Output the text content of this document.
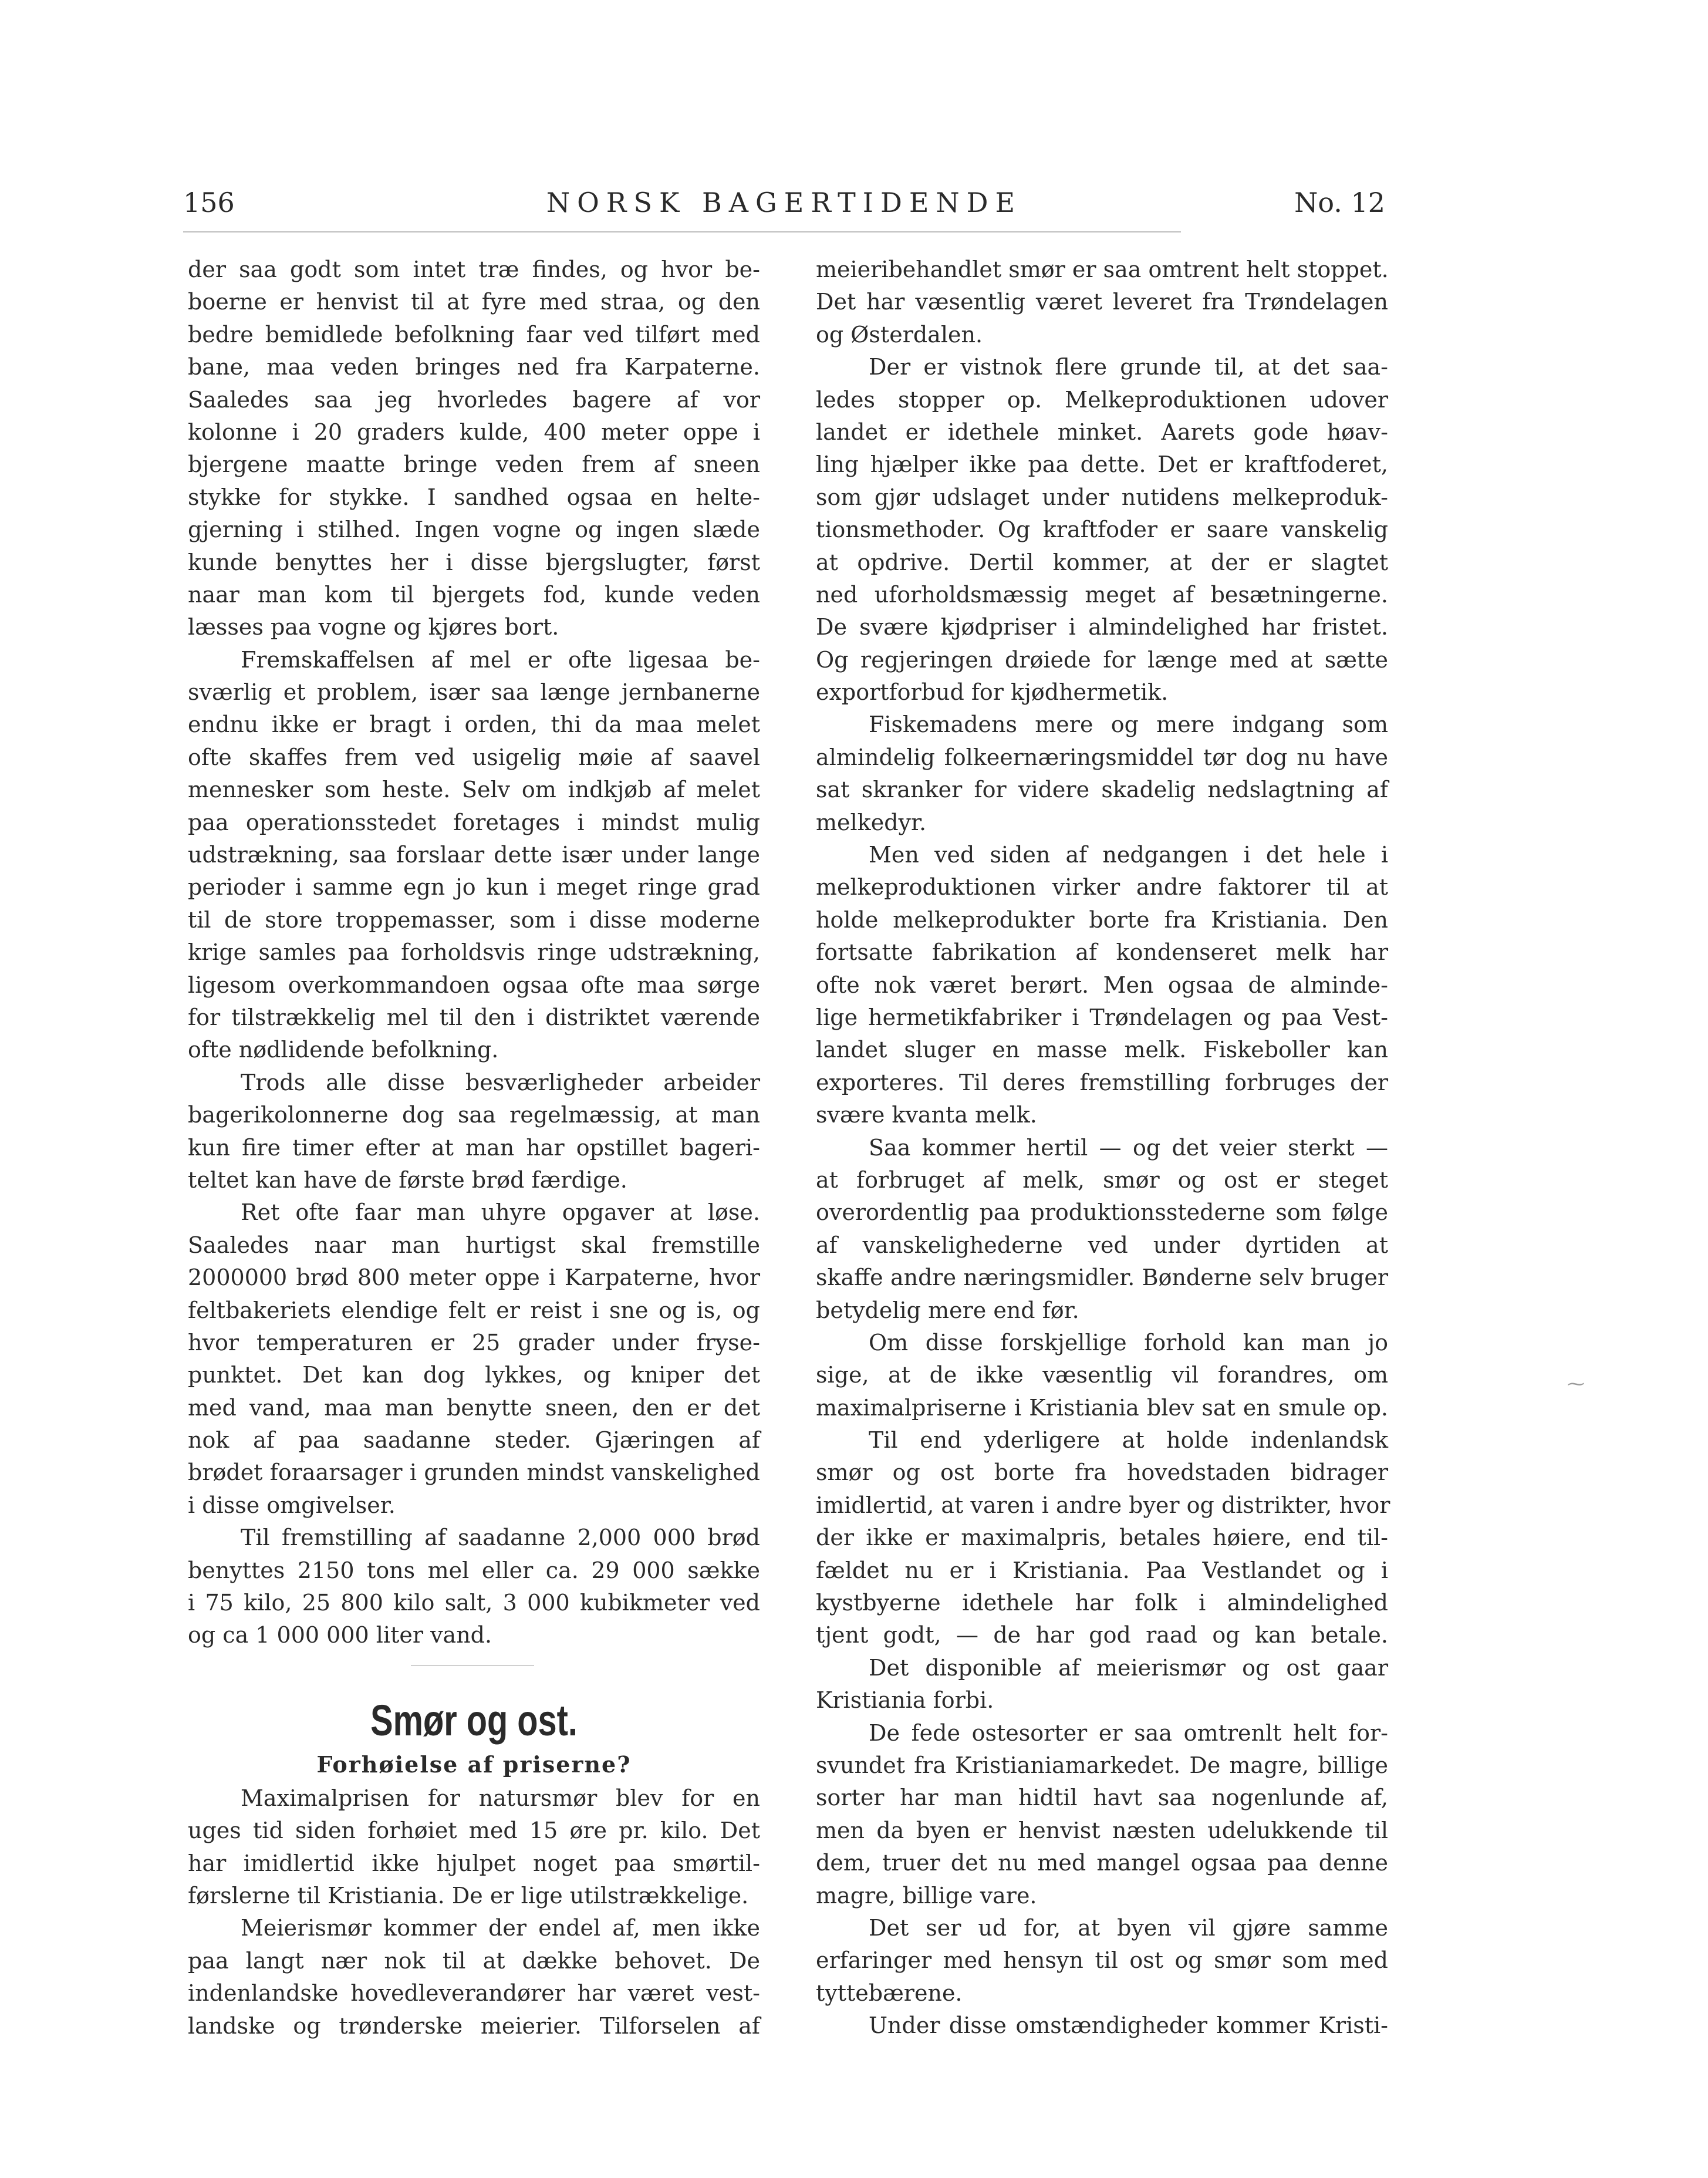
156	NORSK BAGERTIDENDE	No. 12
der saa godt som intet træ findes, og hvor be-
boerne er henvist til at fyre med straa, og den
bedre bemidlede befolkning faar ved tilført med
bane, maa veden bringes ned fra Karpaterne.
Saaledes saa jeg hvorledes bagere af vor
kolonne i 20 graders kulde, 400 meter oppe i
bjergene maatte bringe veden frem af sneen
stykke for stykke. I sandhed ogsaa en helte-
gjerning i stilhed. Ingen vogne og ingen slæde
kunde benyttes her i disse bjergslugter, først
naar man kom til bjergets fod, kunde veden
læsses paa vogne og kjøres bort.
Fremskaffelsen af mel er ofte ligesaa be-
sværlig et problem, især saa længe jernbanerne
endnu ikke er bragt i orden, thi da maa melet
ofte skaffes frem ved usigelig møie af saavel
mennesker som heste. Selv om indkjøb af melet
paa operationsstedet foretages i mindst mulig
udstrækning, saa forslaar dette især under lange
perioder i samme egn jo kun i meget ringe grad
til de store troppemasser, som i disse moderne
krige samles paa forholdsvis ringe udstrækning,
ligesom overkommandoen ogsaa ofte maa sørge
for tilstrækkelig mel til den i distriktet værende
ofte nødlidende befolkning.
Trods alle disse besværligheder arbeider
bagerikolonnerne dog saa regelmæssig, at man
kun fire timer efter at man har opstillet bageri-
teltet kan have de første brød færdige.
Ret ofte faar man uhyre opgaver at løse.
Saaledes naar man hurtigst skal fremstille
2000000 brød 800 meter oppe i Karpaterne, hvor
feltbakeriets elendige felt er reist i sne og is, og
hvor temperaturen er 25 grader under fryse-
punktet. Det kan dog lykkes, og kniper det
med vand, maa man benytte sneen, den er det
nok af paa saadanne steder. Gjæringen af
brødet foraarsager i grunden mindst vanskelighed
i disse omgivelser.
Til fremstilling af saadanne 2,000 000 brød
benyttes 2150 tons mel eller ca. 29 000 sække
i 75 kilo, 25 800 kilo salt, 3 000 kubikmeter ved
og ca 1 000 000 liter vand.
Smør og ost.
Forhøielse af priserne?
Maximalprisen for natursmør blev for en
uges tid siden forhøiet med 15 øre pr. kilo. Det
har imidlertid ikke hjulpet noget paa smørtil-
førslerne til Kristiania. De er lige utilstrækkelige.
Meierismør kommer der endel af, men ikke
paa langt nær nok til at dække behovet. De
indenlandske hovedleverandører har været vest-
landske og trønderske meierier. Tilforselen af
meieribehandlet smør er saa omtrent helt stoppet.
Det har væsentlig været leveret fra Trøndelagen
og Østerdalen.
Der er vistnok flere grunde til, at det saa-
ledes stopper op. Melkeproduktionen udover
landet er idethele minket. Aarets gode høav-
ling hjælper ikke paa dette. Det er kraftfoderet,
som gjør udslaget under nutidens melkeproduk-
tionsmethoder. Og kraftfoder er saare vanskelig
at opdrive. Dertil kommer, at der er slagtet
ned uforholdsmæssig meget af besætningerne.
De svære kjødpriser i almindelighed har fristet.
Og regjeringen drøiede for længe med at sætte
exportforbud for kjødhermetik.
Fiskemadens mere og mere indgang som
almindelig folkeernæringsmiddel tør dog nu have
sat skranker for videre skadelig nedslagtning af
melkedyr.
Men ved siden af nedgangen i det hele i
melkeproduktionen virker andre faktorer til at
holde melkeprodukter borte fra Kristiania. Den
fortsatte fabrikation af kondenseret melk har
ofte nok været berørt. Men ogsaa de alminde-
lige hermetikfabriker i Trøndelagen og paa Vest-
landet sluger en masse melk. Fiskeboller kan
exporteres. Til deres fremstilling forbruges der
svære kvanta melk.
Saa kommer hertil — og det veier sterkt —
at forbruget af melk, smør og ost er steget
overordentlig paa produktionsstederne som følge
af vanskelighederne ved under dyrtiden at
skaffe andre næringsmidler. Bønderne selv bruger
betydelig mere end før.
Om disse forskjellige forhold kan man jo
sige, at de ikke væsentlig vil forandres, om
maximalpriserne i Kristiania blev sat en smule op.
Til end yderligere at holde indenlandsk
smør og ost borte fra hovedstaden bidrager
imidlertid, at varen i andre byer og distrikter, hvor
der ikke er maximalpris, betales høiere, end til-
fældet nu er i Kristiania. Paa Vestlandet og i
kystbyerne idethele har folk i almindelighed
tjent godt, — de har god raad og kan betale.
Det disponible af meierismør og ost gaar
Kristiania forbi.
De fede ostesorter er saa omtrenlt helt for-
svundet fra Kristianiamarkedet. De magre, billige
sorter har man hidtil havt saa nogenlunde af,
men da byen er henvist næsten udelukkende til
dem, truer det nu med mangel ogsaa paa denne
magre, billige vare.
Det ser ud for, at byen vil gjøre samme
erfaringer med hensyn til ost og smør som med
tyttebærene.
Under disse omstændigheder kommer Kristi-
⁓
